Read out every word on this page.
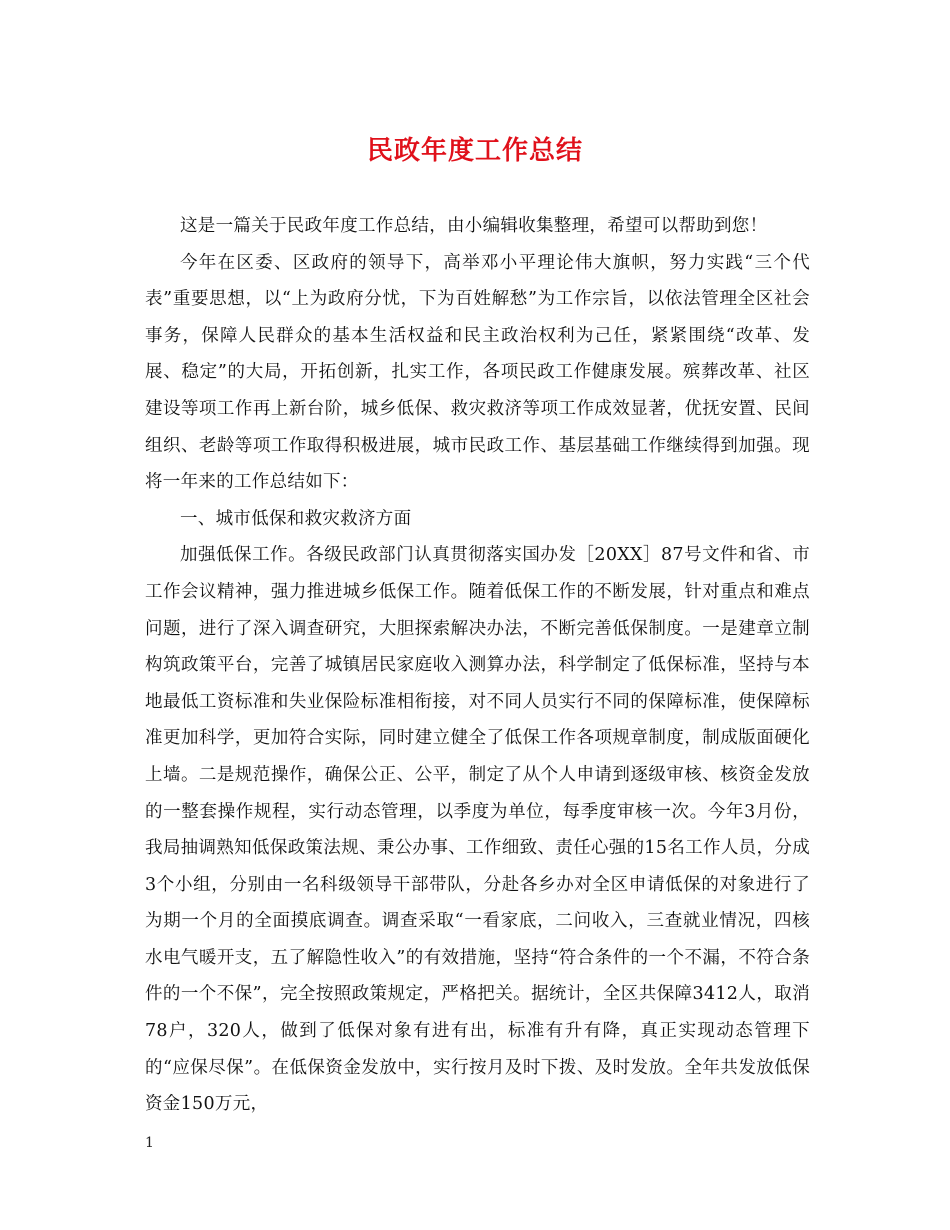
民政年度工作总结

这是一篇关于民政年度工作总结，由小编辑收集整理，希望可以帮助到您！

今年在区委、区政府的领导下，高举邓小平理论伟大旗帜，努力实践“三个代表”重要思想，以“上为政府分忧，下为百姓解愁”为工作宗旨，以依法管理全区社会事务，保障人民群众的基本生活权益和民主政治权利为己任，紧紧围绕“改革、发展、稳定”的大局，开拓创新，扎实工作，各项民政工作健康发展。殡葬改革、社区建设等项工作再上新台阶，城乡低保、救灾救济等项工作成效显著，优抚安置、民间组织、老龄等项工作取得积极进展，城市民政工作、基层基础工作继续得到加强。现将一年来的工作总结如下：

一、城市低保和救灾救济方面

加强低保工作。各级民政部门认真贯彻落实国办发［20XX］87号文件和省、市工作会议精神，强力推进城乡低保工作。随着低保工作的不断发展，针对重点和难点问题，进行了深入调查研究，大胆探索解决办法，不断完善低保制度。一是建章立制构筑政策平台，完善了城镇居民家庭收入测算办法，科学制定了低保标准，坚持与本地最低工资标准和失业保险标准相衔接，对不同人员实行不同的保障标准，使保障标准更加科学，更加符合实际，同时建立健全了低保工作各项规章制度，制成版面硬化上墙。二是规范操作，确保公正、公平，制定了从个人申请到逐级审核、核资金发放的一整套操作规程，实行动态管理，以季度为单位，每季度审核一次。今年3月份，我局抽调熟知低保政策法规、秉公办事、工作细致、责任心强的15名工作人员，分成3个小组，分别由一名科级领导干部带队，分赴各乡办对全区申请低保的对象进行了为期一个月的全面摸底调查。调查采取“一看家底，二问收入，三查就业情况，四核水电气暖开支，五了解隐性收入”的有效措施，坚持“符合条件的一个不漏，不符合条件的一个不保”，完全按照政策规定，严格把关。据统计，全区共保障3412人，取消78户，320人，做到了低保对象有进有出，标准有升有降，真正实现动态管理下的“应保尽保”。在低保资金发放中，实行按月及时下拨、及时发放。全年共发放低保资金150万元，

1
